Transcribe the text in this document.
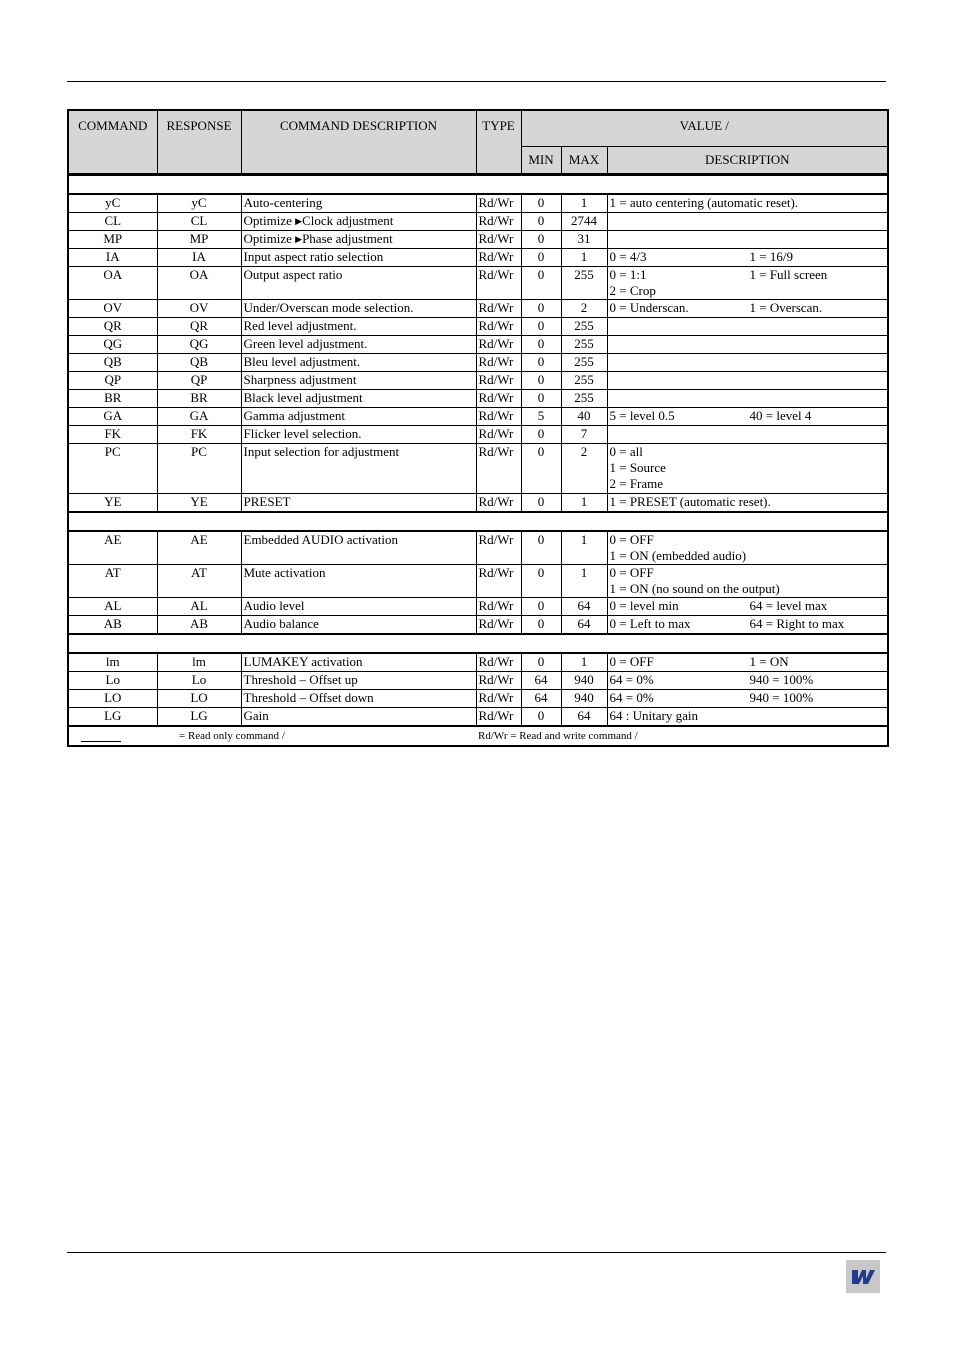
COMMAND	RESPONSE	COMMAND DESCRIPTION	TYPE	VALUE /		
				MIN	MAX	DESCRIPTION

yC	yC	Auto-centering	Rd/Wr	0	1	1 = auto centering (automatic reset).

CL	CL	Optimize ▶Clock adjustment	Rd/Wr	0	2744	
MP	MP	Optimize ▶Phase adjustment	Rd/Wr	0	31	
IA	IA	Input aspect ratio selection	Rd/Wr	0	1	0 = 4/3 1 = 16/9

OA	OA	Output aspect ratio	Rd/Wr	0	255	0 = 1:1 1 = Full screen
2 = Crop

OV	OV	Under/Overscan mode selection.	Rd/Wr	0	2	0 = Underscan. 1 = Overscan.

QR	QR	Red level adjustment.	Rd/Wr	0	255	
QG	QG	Green level adjustment.	Rd/Wr	0	255	
QB	QB	Bleu level adjustment.	Rd/Wr	0	255	
QP	QP	Sharpness adjustment	Rd/Wr	0	255	
BR	BR	Black level adjustment	Rd/Wr	0	255	
GA	GA	Gamma adjustment	Rd/Wr	5	40	5 = level 0.5 40 = level 4

FK	FK	Flicker level selection.	Rd/Wr	0	7	
PC	PC	Input selection for adjustment	Rd/Wr	0	2	0 = all
1 = Source
2 = Frame

YE	YE	PRESET	Rd/Wr	0	1	1 = PRESET (automatic reset).

AE	AE	Embedded AUDIO activation	Rd/Wr	0	1	0 = OFF
1 = ON (embedded audio)

AT	AT	Mute activation	Rd/Wr	0	1	0 = OFF
1 = ON (no sound on the output)

AL	AL	Audio level	Rd/Wr	0	64	0 = level min 64 = level max

AB	AB	Audio balance	Rd/Wr	0	64	0 = Left to max 64 = Right to max

lm	lm	LUMAKEY activation	Rd/Wr	0	1	0 = OFF 1 = ON

Lo	Lo	Threshold – Offset up	Rd/Wr	64	940	64 = 0% 940 = 100%

LO	LO	Threshold – Offset down	Rd/Wr	64	940	64 = 0% 940 = 100%

LG	LG	Gain	Rd/Wr	0	64	64 : Unitary gain

= Read only command / Rd/Wr = Read and write command /						
